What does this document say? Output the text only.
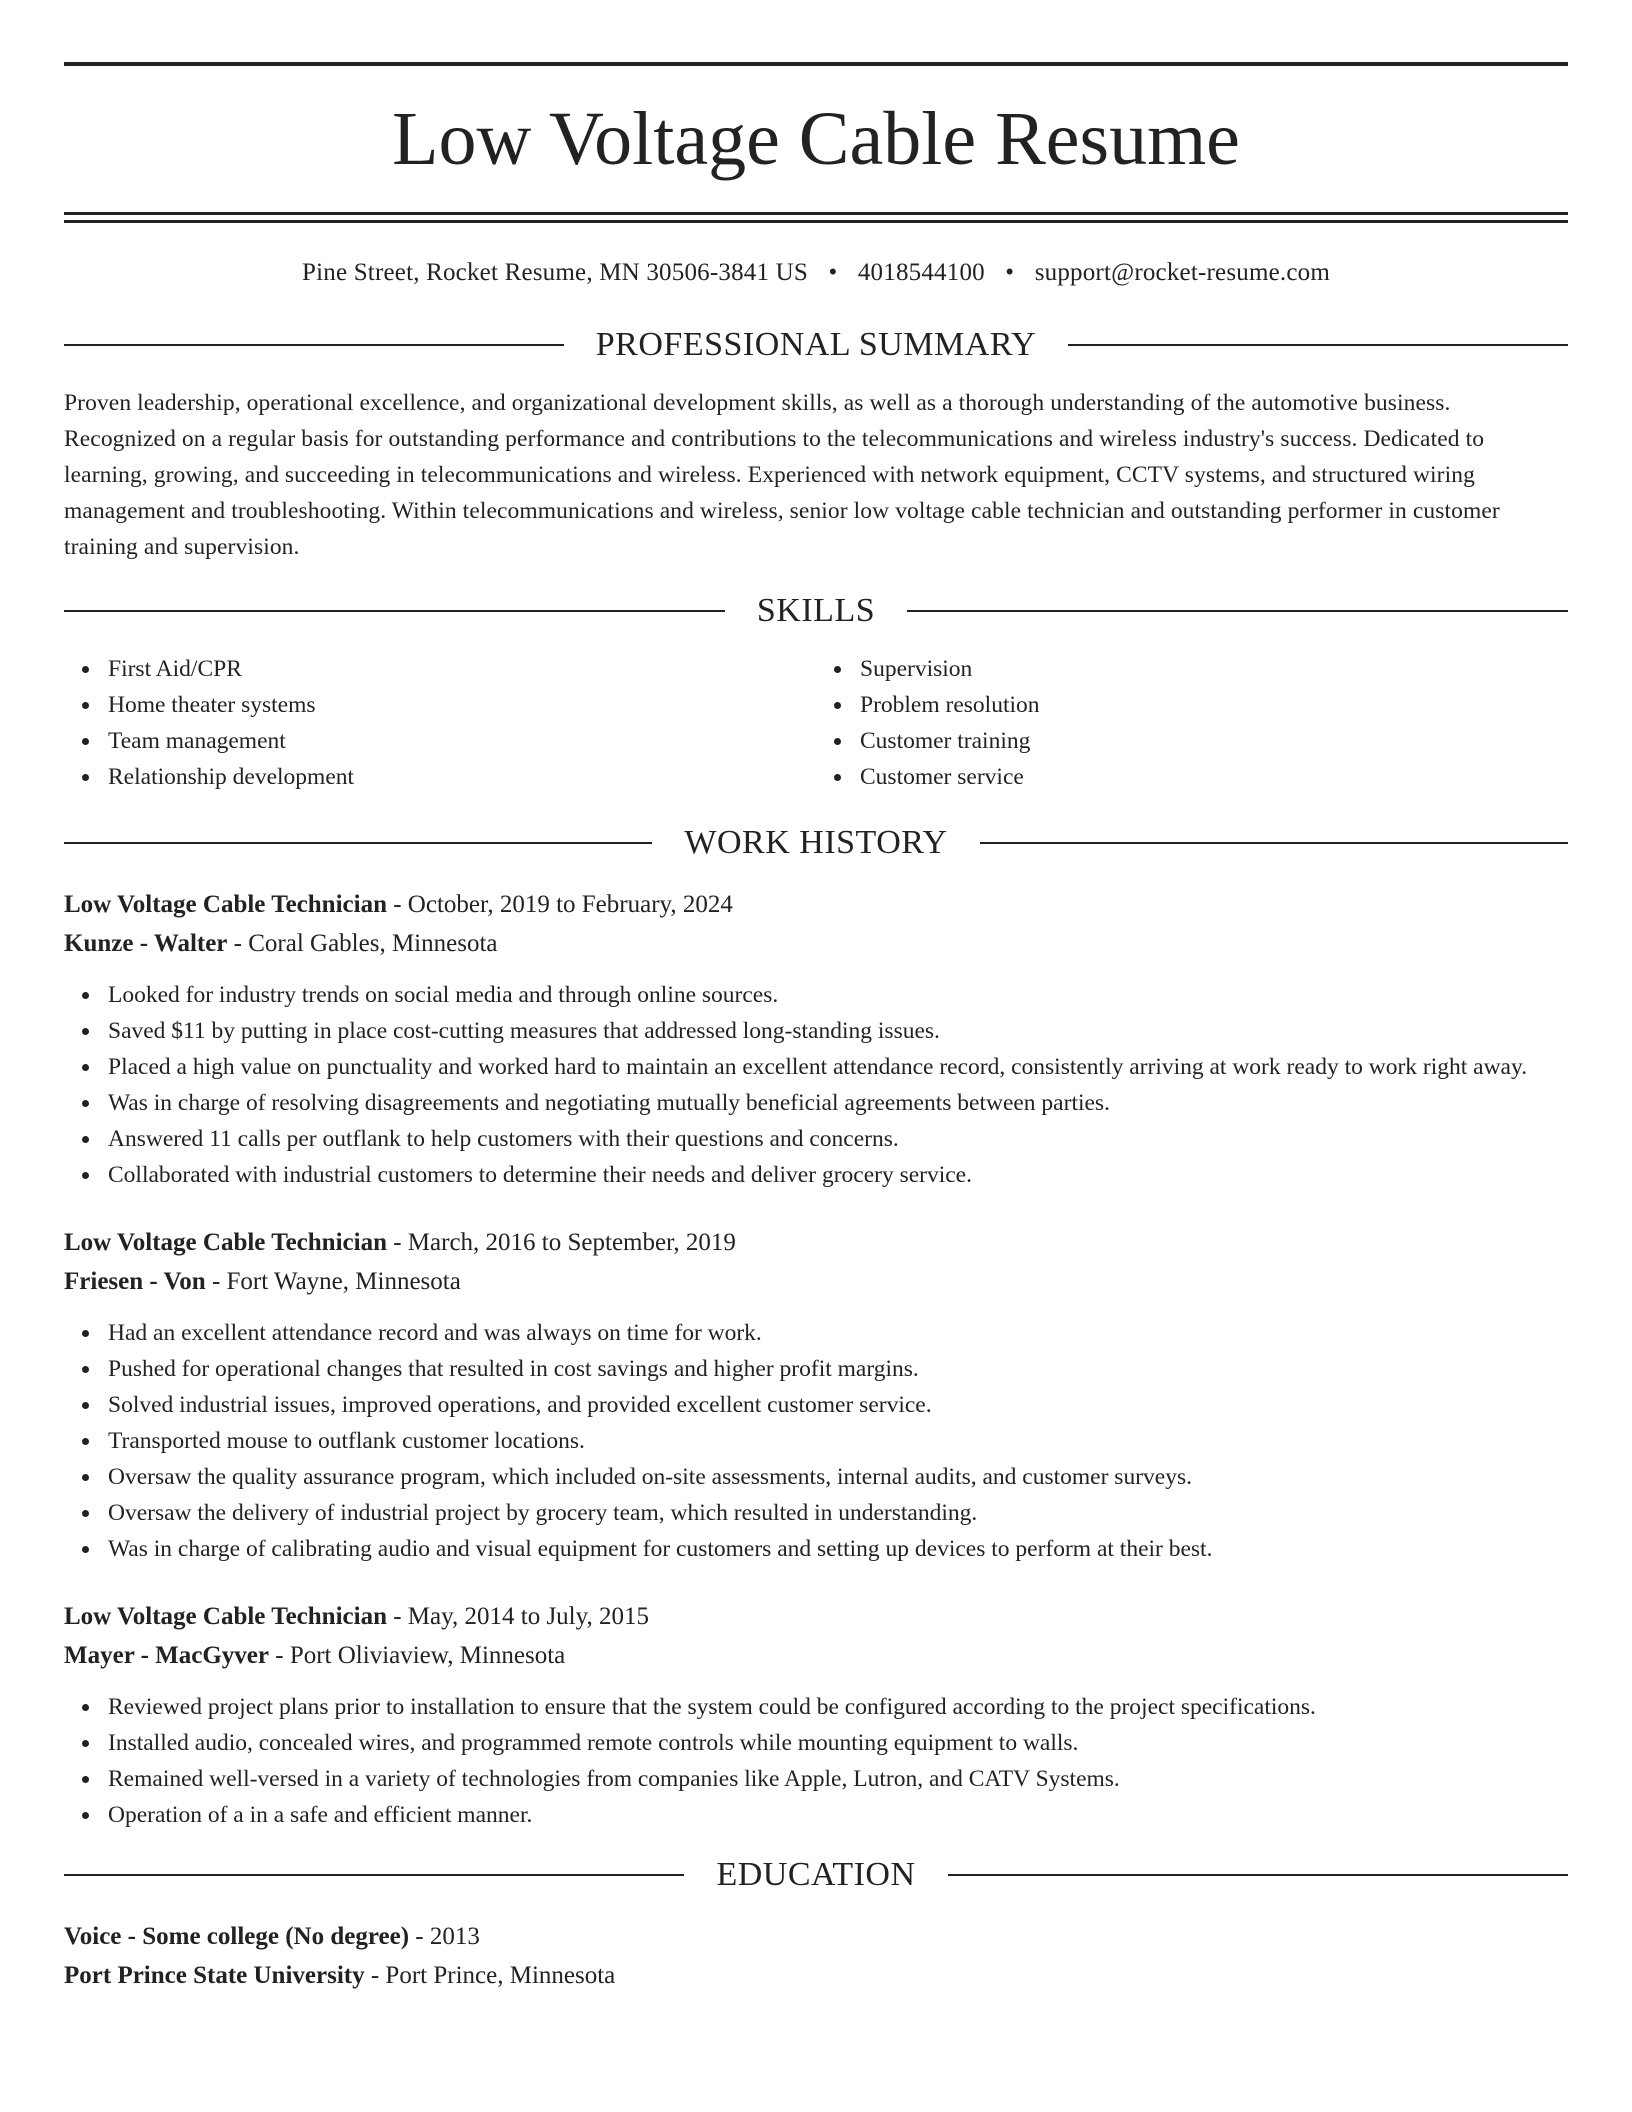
Low Voltage Cable Resume
Pine Street, Rocket Resume, MN 30506-3841 US • 4018544100 • support@rocket-resume.com
PROFESSIONAL SUMMARY

Proven leadership, operational excellence, and organizational development skills, as well as a thorough understanding of the automotive business. Recognized on a regular basis for outstanding performance and contributions to the telecommunications and wireless industry's success. Dedicated to learning, growing, and succeeding in telecommunications and wireless. Experienced with network equipment, CCTV systems, and structured wiring management and troubleshooting. Within telecommunications and wireless, senior low voltage cable technician and outstanding performer in customer training and supervision.

SKILLS
First Aid/CPR
Home theater systems
Team management
Relationship development
Supervision
Problem resolution
Customer training
Customer service
WORK HISTORY
Low Voltage Cable Technician - October, 2019 to February, 2024
Kunze - Walter - Coral Gables, Minnesota
Looked for industry trends on social media and through online sources.
Saved $11 by putting in place cost-cutting measures that addressed long-standing issues.
Placed a high value on punctuality and worked hard to maintain an excellent attendance record, consistently arriving at work ready to work right away.
Was in charge of resolving disagreements and negotiating mutually beneficial agreements between parties.
Answered 11 calls per outflank to help customers with their questions and concerns.
Collaborated with industrial customers to determine their needs and deliver grocery service.
Low Voltage Cable Technician - March, 2016 to September, 2019
Friesen - Von - Fort Wayne, Minnesota
Had an excellent attendance record and was always on time for work.
Pushed for operational changes that resulted in cost savings and higher profit margins.
Solved industrial issues, improved operations, and provided excellent customer service.
Transported mouse to outflank customer locations.
Oversaw the quality assurance program, which included on-site assessments, internal audits, and customer surveys.
Oversaw the delivery of industrial project by grocery team, which resulted in understanding.
Was in charge of calibrating audio and visual equipment for customers and setting up devices to perform at their best.
Low Voltage Cable Technician - May, 2014 to July, 2015
Mayer - MacGyver - Port Oliviaview, Minnesota
Reviewed project plans prior to installation to ensure that the system could be configured according to the project specifications.
Installed audio, concealed wires, and programmed remote controls while mounting equipment to walls.
Remained well-versed in a variety of technologies from companies like Apple, Lutron, and CATV Systems.
Operation of a in a safe and efficient manner.
EDUCATION
Voice - Some college (No degree) - 2013
Port Prince State University - Port Prince, Minnesota
